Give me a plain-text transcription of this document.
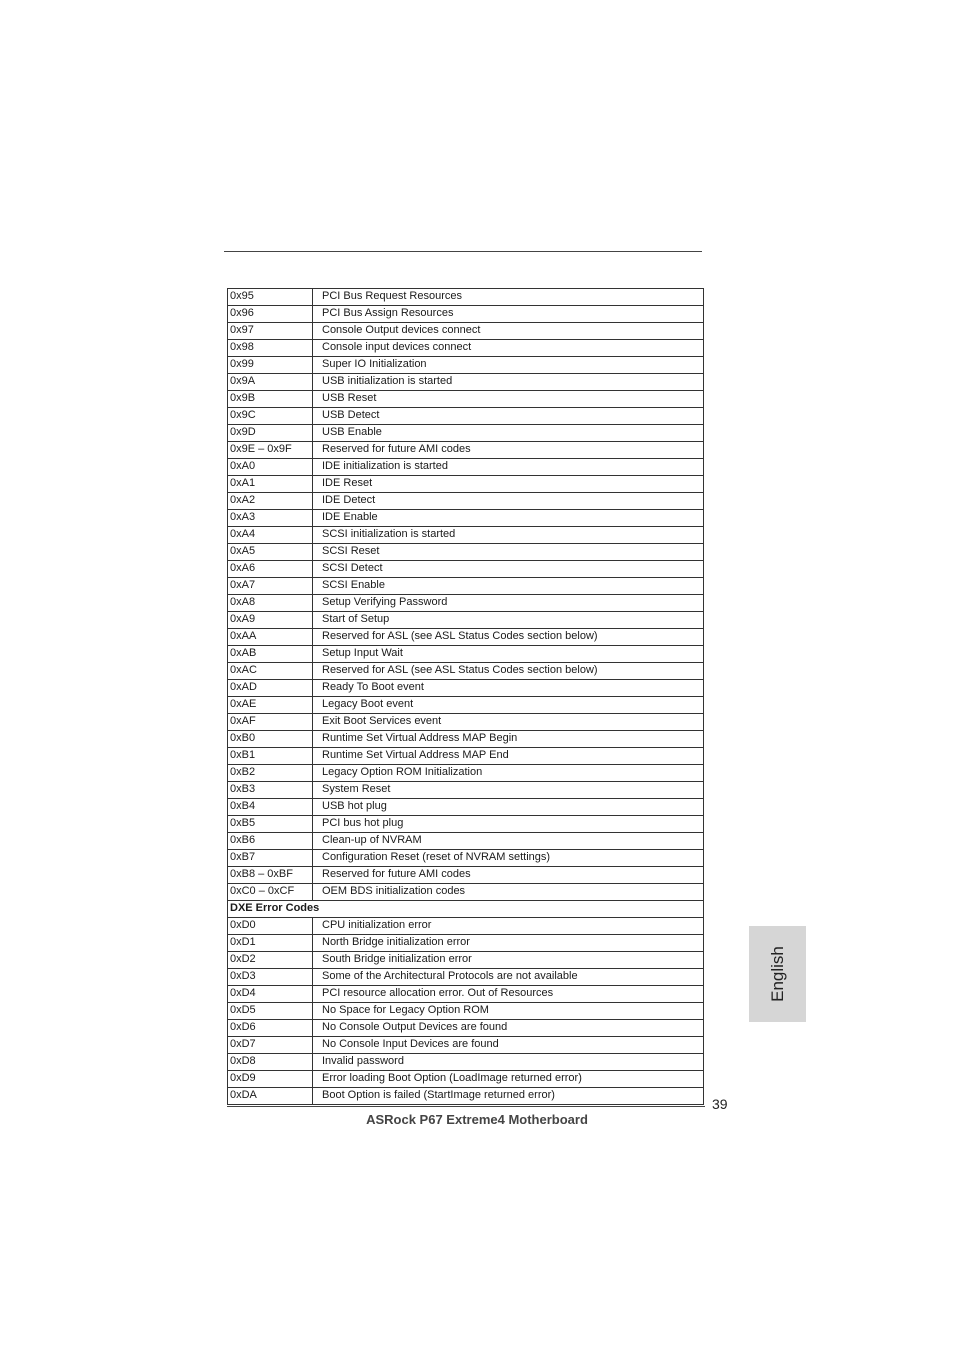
0x95	PCI Bus Request Resources
0x96	PCI Bus Assign Resources
0x97	Console Output devices connect
0x98	Console input devices connect
0x99	Super IO Initialization
0x9A	USB initialization is started
0x9B	USB Reset
0x9C	USB Detect
0x9D	USB Enable
0x9E – 0x9F	Reserved for future AMI codes
0xA0	IDE initialization is started
0xA1	IDE Reset
0xA2	IDE Detect
0xA3	IDE Enable
0xA4	SCSI initialization is started
0xA5	SCSI Reset
0xA6	SCSI Detect
0xA7	SCSI Enable
0xA8	Setup Verifying Password
0xA9	Start of Setup
0xAA	Reserved for ASL (see ASL Status Codes section below)
0xAB	Setup Input Wait
0xAC	Reserved for ASL (see ASL Status Codes section below)
0xAD	Ready To Boot event
0xAE	Legacy Boot event
0xAF	Exit Boot Services event
0xB0	Runtime Set Virtual Address MAP Begin
0xB1	Runtime Set Virtual Address MAP End
0xB2	Legacy Option ROM Initialization
0xB3	System Reset
0xB4	USB hot plug
0xB5	PCI bus hot plug
0xB6	Clean-up of NVRAM
0xB7	Configuration Reset (reset of NVRAM settings)
0xB8 – 0xBF	Reserved for future AMI codes
0xC0 – 0xCF	OEM BDS initialization codes
DXE Error Codes	
0xD0	CPU initialization error
0xD1	North Bridge initialization error
0xD2	South Bridge initialization error
0xD3	Some of the Architectural Protocols are not available
0xD4	PCI resource allocation error. Out of Resources
0xD5	No Space for Legacy Option ROM
0xD6	No Console Output Devices are found
0xD7	No Console Input Devices are found
0xD8	Invalid password
0xD9	Error loading Boot Option (LoadImage returned error)
0xDA	Boot Option is failed (StartImage returned error)
English
39
ASRock P67 Extreme4 Motherboard
